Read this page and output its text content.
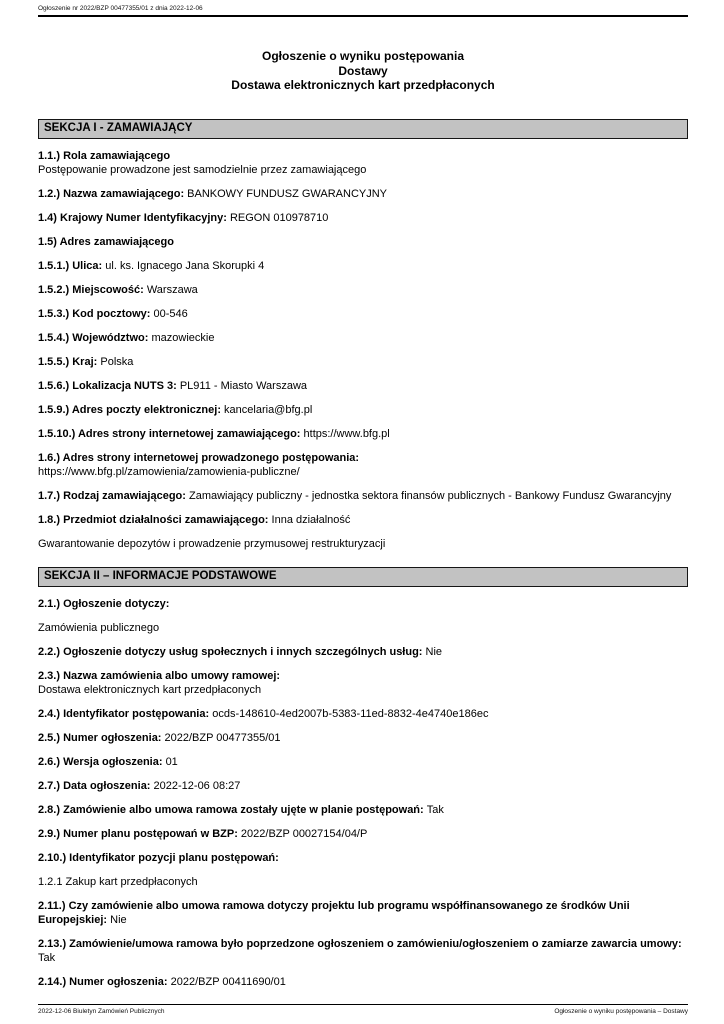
Ogłoszenie nr 2022/BZP 00477355/01 z dnia 2022-12-06
Ogłoszenie o wyniku postępowania
Dostawy
Dostawa elektronicznych kart przedpłaconych
SEKCJA I - ZAMAWIAJĄCY

1.1.) Rola zamawiającego
Postępowanie prowadzone jest samodzielnie przez zamawiającego

1.2.) Nazwa zamawiającego: BANKOWY FUNDUSZ GWARANCYJNY

1.4) Krajowy Numer Identyfikacyjny: REGON 010978710

1.5) Adres zamawiającego

1.5.1.) Ulica: ul. ks. Ignacego Jana Skorupki 4

1.5.2.) Miejscowość: Warszawa

1.5.3.) Kod pocztowy: 00-546

1.5.4.) Województwo: mazowieckie

1.5.5.) Kraj: Polska

1.5.6.) Lokalizacja NUTS 3: PL911 - Miasto Warszawa

1.5.9.) Adres poczty elektronicznej: kancelaria@bfg.pl

1.5.10.) Adres strony internetowej zamawiającego: https://www.bfg.pl

1.6.) Adres strony internetowej prowadzonego postępowania:
https://www.bfg.pl/zamowienia/zamowienia-publiczne/

1.7.) Rodzaj zamawiającego: Zamawiający publiczny - jednostka sektora finansów publicznych - Bankowy Fundusz Gwarancyjny

1.8.) Przedmiot działalności zamawiającego: Inna działalność

Gwarantowanie depozytów i prowadzenie przymusowej restrukturyzacji

SEKCJA II – INFORMACJE PODSTAWOWE

2.1.) Ogłoszenie dotyczy:

Zamówienia publicznego

2.2.) Ogłoszenie dotyczy usług społecznych i innych szczególnych usług: Nie

2.3.) Nazwa zamówienia albo umowy ramowej:
Dostawa elektronicznych kart przedpłaconych

2.4.) Identyfikator postępowania: ocds-148610-4ed2007b-5383-11ed-8832-4e4740e186ec

2.5.) Numer ogłoszenia: 2022/BZP 00477355/01

2.6.) Wersja ogłoszenia: 01

2.7.) Data ogłoszenia: 2022-12-06 08:27

2.8.) Zamówienie albo umowa ramowa zostały ujęte w planie postępowań: Tak

2.9.) Numer planu postępowań w BZP: 2022/BZP 00027154/04/P

2.10.) Identyfikator pozycji planu postępowań:

1.2.1 Zakup kart przedpłaconych

2.11.) Czy zamówienie albo umowa ramowa dotyczy projektu lub programu współfinansowanego ze środków Unii
Europejskiej: Nie

2.13.) Zamówienie/umowa ramowa było poprzedzone ogłoszeniem o zamówieniu/ogłoszeniem o zamiarze zawarcia umowy:
Tak

2.14.) Numer ogłoszenia: 2022/BZP 00411690/01

2022-12-06 Biuletyn Zamówień Publicznych	Ogłoszenie o wyniku postępowania – Dostawy
